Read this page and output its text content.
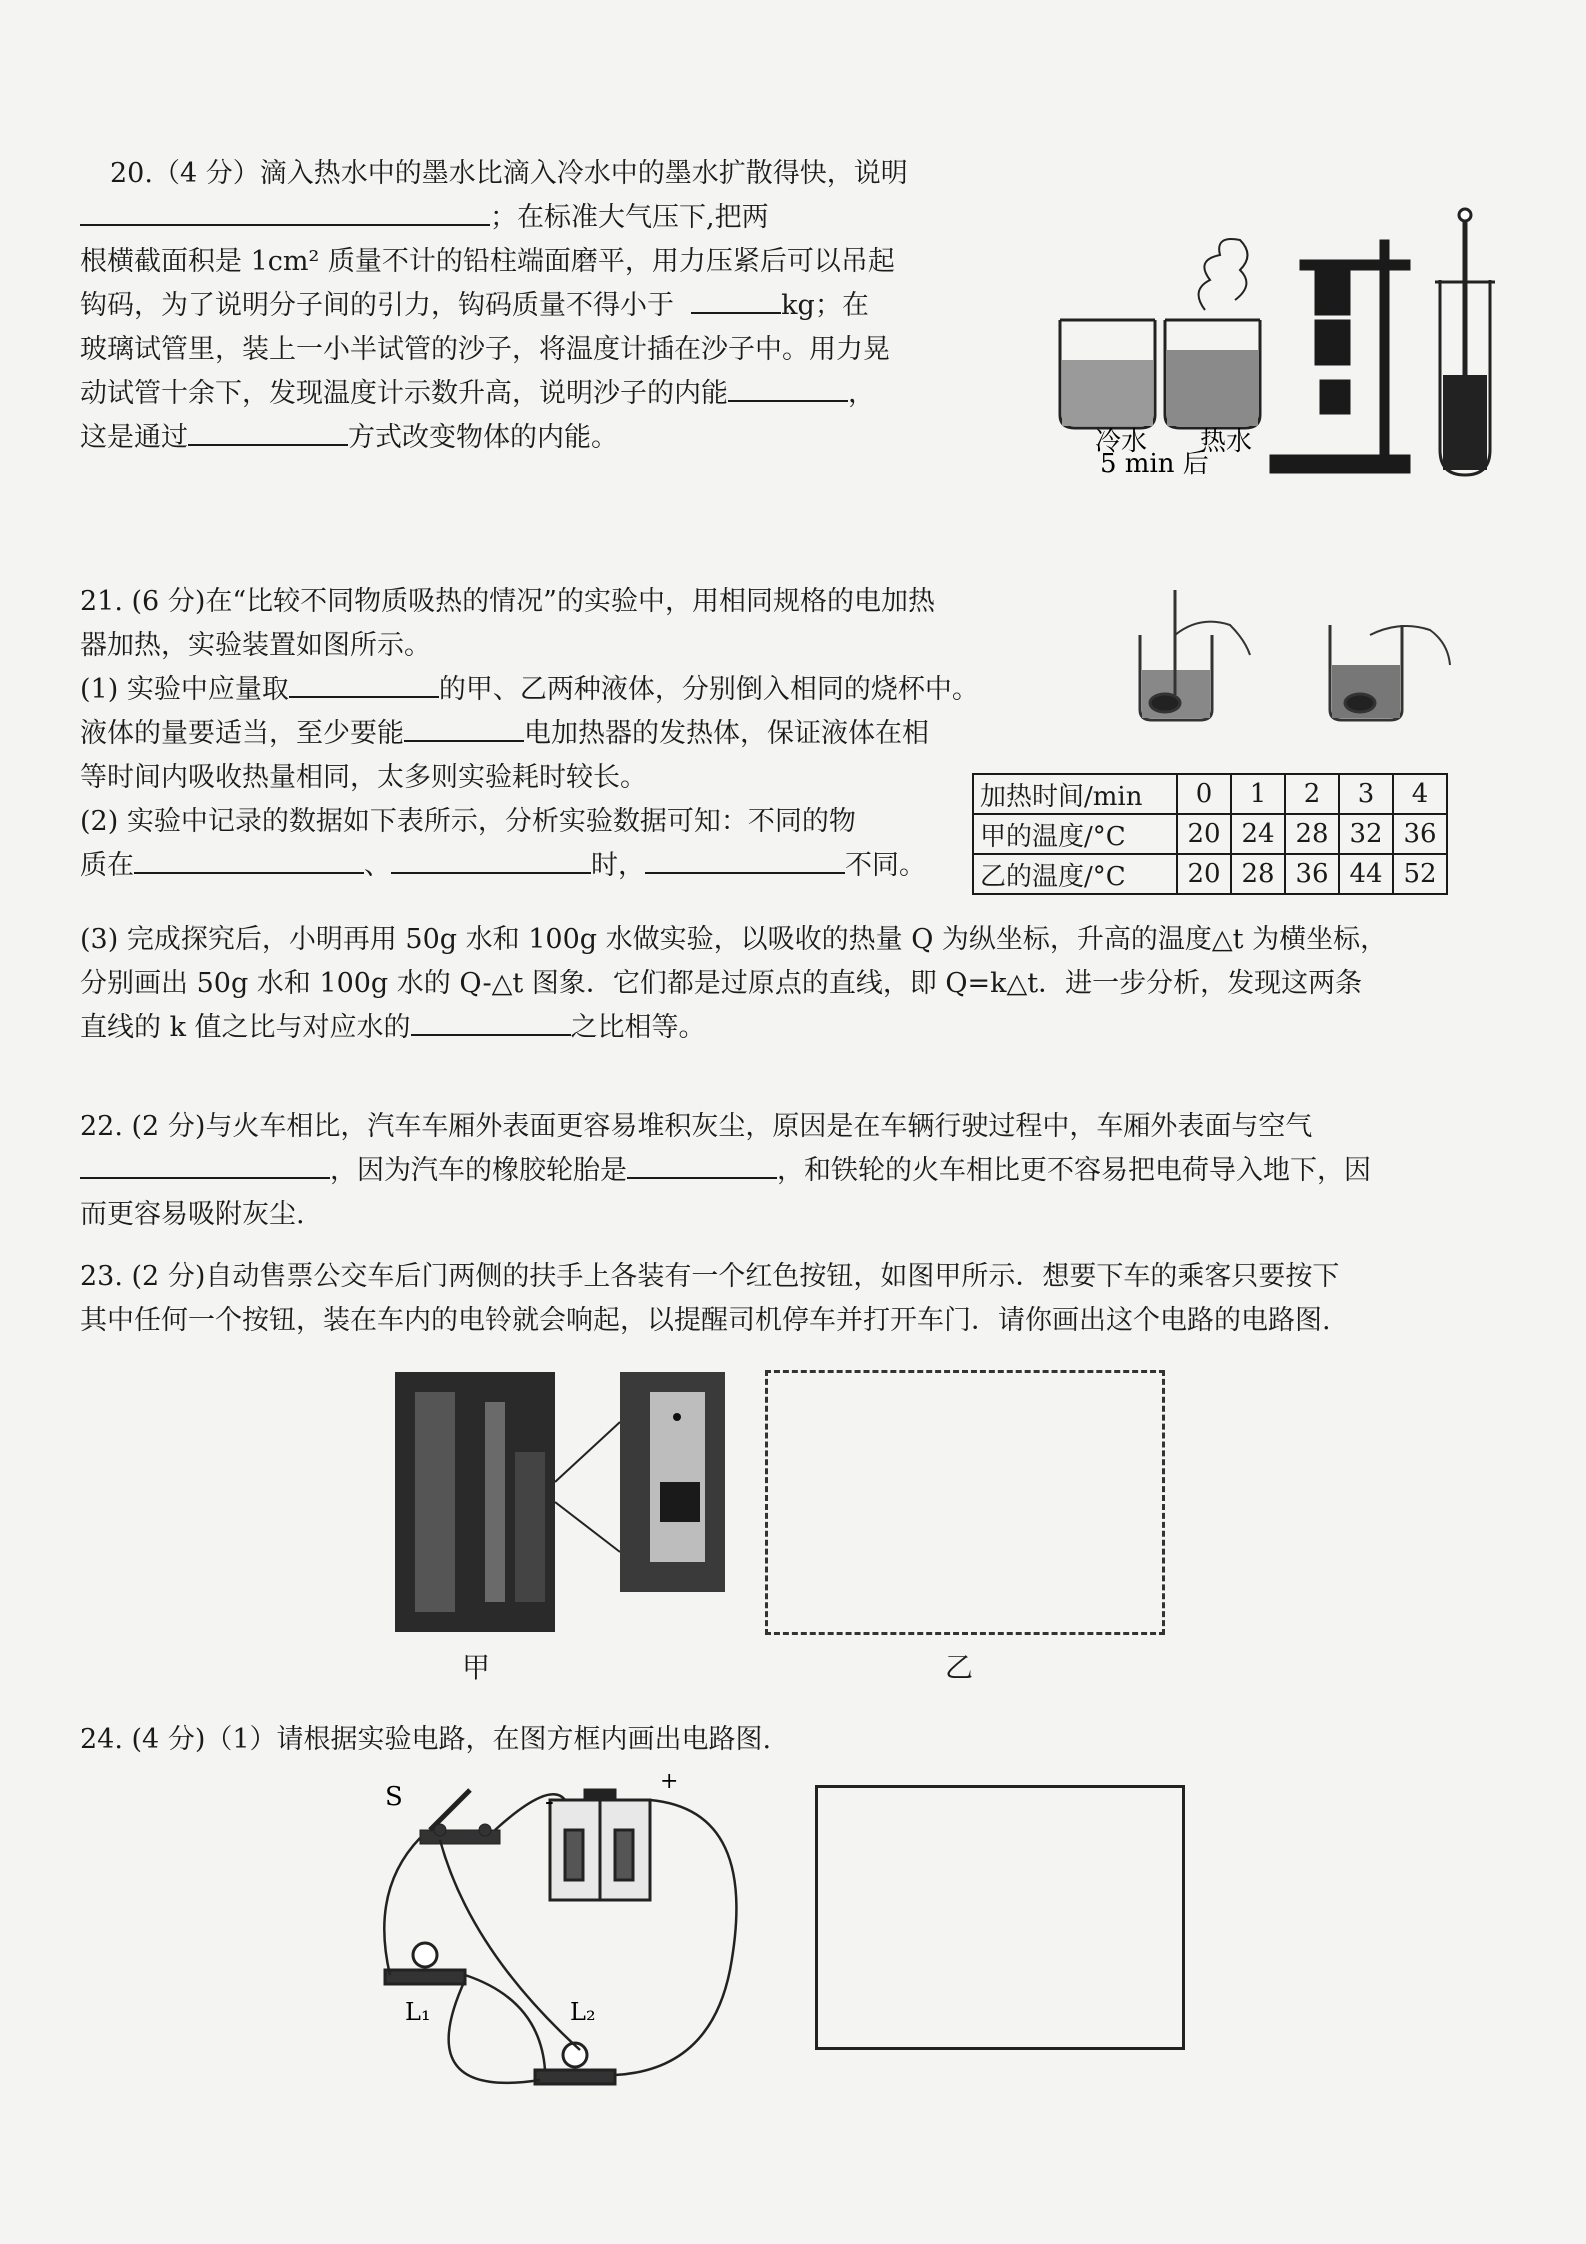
20.（4 分）滴入热水中的墨水比滴入冷水中的墨水扩散得快，说明

；在标准大气压下,把两

根横截面积是 1cm² 质量不计的铅柱端面磨平，用力压紧后可以吊起

钩码，为了说明分子间的引力，钩码质量不得小于	kg；在

玻璃试管里，装上一小半试管的沙子，将温度计插在沙子中。用力晃

动试管十余下，发现温度计示数升高，说明沙子的内能	，

这是通过	方式改变物体的内能。	冷水 热水
5 min 后

21. (6 分)在“比较不同物质吸热的情况”的实验中，用相同规格的电加热

器加热，实验装置如图所示。

(1) 实验中应量取	的甲、乙两种液体，分别倒入相同的烧杯中。

液体的量要适当，至少要能	电加热器的发热体，保证液体在相

等时间内吸收热量相同，太多则实验耗时较长。

(2) 实验中记录的数据如下表所示，分析实验数据可知：不同的物

质在	、	时，	不同。

加热时间/min	0	1	2	3	4
甲的温度/°C	20	24	28	32	36
乙的温度/°C	20	28	36	44	52

(3) 完成探究后，小明再用 50g 水和 100g 水做实验，以吸收的热量 Q 为纵坐标，升高的温度△t 为横坐标，

分别画出 50g 水和 100g 水的 Q-△t 图象．它们都是过原点的直线，即 Q=k△t．进一步分析，发现这两条

直线的 k 值之比与对应水的	之比相等。

22. (2 分)与火车相比，汽车车厢外表面更容易堆积灰尘，原因是在车辆行驶过程中，车厢外表面与空气

，因为汽车的橡胶轮胎是	，和铁轮的火车相比更不容易把电荷导入地下，因

而更容易吸附灰尘.

23. (2 分)自动售票公交车后门两侧的扶手上各装有一个红色按钮，如图甲所示．想要下车的乘客只要按下

其中任何一个按钮，装在车内的电铃就会响起，以提醒司机停车并打开车门．请你画出这个电路的电路图.

甲	乙

24. (4 分)（1）请根据实验电路，在图方框内画出电路图.

S	-
+
L₁	L₂
